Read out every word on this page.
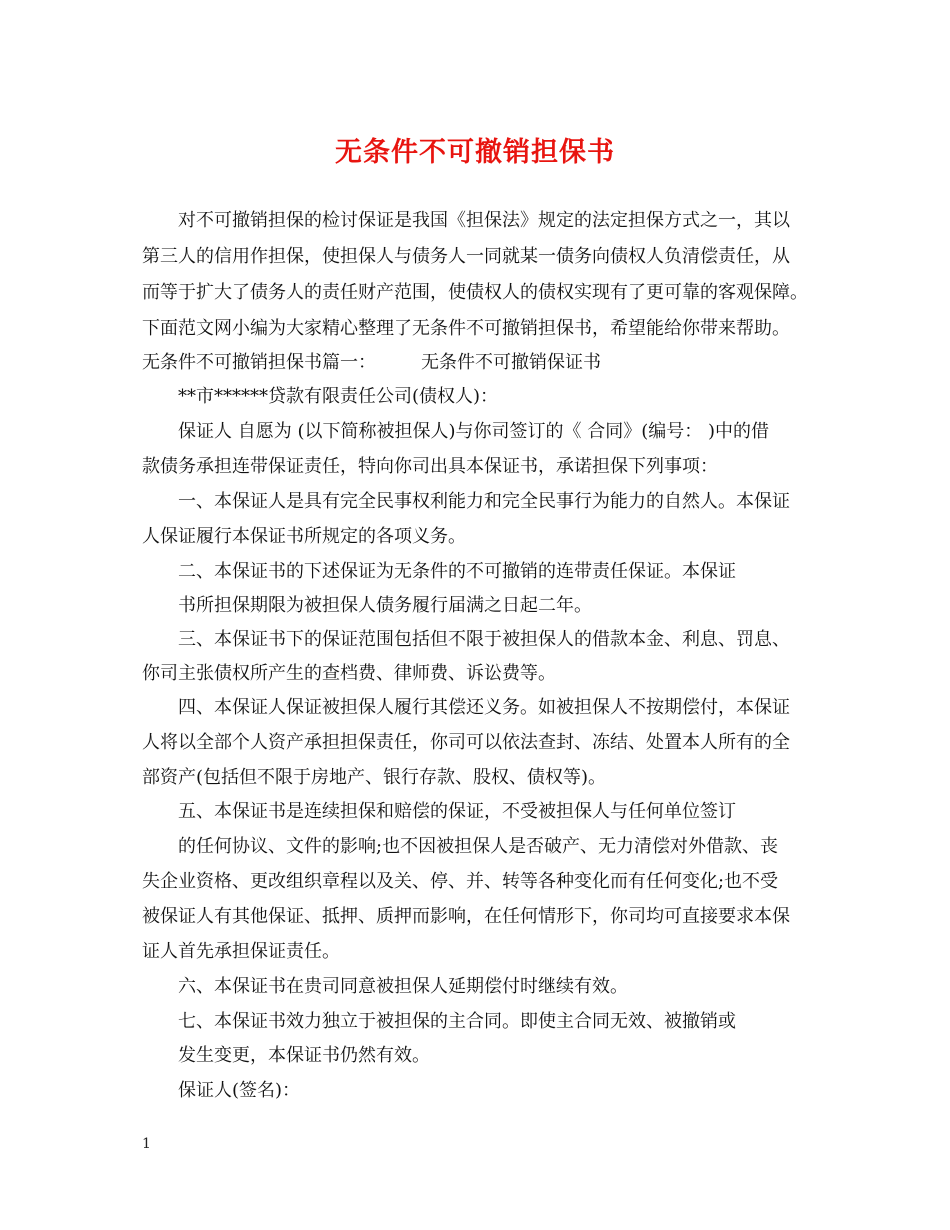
无条件不可撤销担保书
对不可撤销担保的检讨保证是我国《担保法》规定的法定担保方式之一，其以
第三人的信用作担保，使担保人与债务人一同就某一债务向债权人负清偿责任，从
而等于扩大了债务人的责任财产范围，使债权人的债权实现有了更可靠的客观保障。
下面范文网小编为大家精心整理了无条件不可撤销担保书，希望能给你带来帮助。
无条件不可撤销担保书篇一：　　　无条件不可撤销保证书
**市******贷款有限责任公司(债权人)：
保证人 自愿为 (以下简称被担保人)与你司签订的《 合同》(编号： )中的借
款债务承担连带保证责任，特向你司出具本保证书，承诺担保下列事项：
一、本保证人是具有完全民事权利能力和完全民事行为能力的自然人。本保证
人保证履行本保证书所规定的各项义务。
二、本保证书的下述保证为无条件的不可撤销的连带责任保证。本保证
书所担保期限为被担保人债务履行届满之日起二年。
三、本保证书下的保证范围包括但不限于被担保人的借款本金、利息、罚息、
你司主张债权所产生的查档费、律师费、诉讼费等。
四、本保证人保证被担保人履行其偿还义务。如被担保人不按期偿付，本保证
人将以全部个人资产承担担保责任，你司可以依法查封、冻结、处置本人所有的全
部资产(包括但不限于房地产、银行存款、股权、债权等)。
五、本保证书是连续担保和赔偿的保证，不受被担保人与任何单位签订
的任何协议、文件的影响;也不因被担保人是否破产、无力清偿对外借款、丧
失企业资格、更改组织章程以及关、停、并、转等各种变化而有任何变化;也不受
被保证人有其他保证、抵押、质押而影响，在任何情形下，你司均可直接要求本保
证人首先承担保证责任。
六、本保证书在贵司同意被担保人延期偿付时继续有效。
七、本保证书效力独立于被担保的主合同。即使主合同无效、被撤销或
发生变更，本保证书仍然有效。
保证人(签名)：
1
